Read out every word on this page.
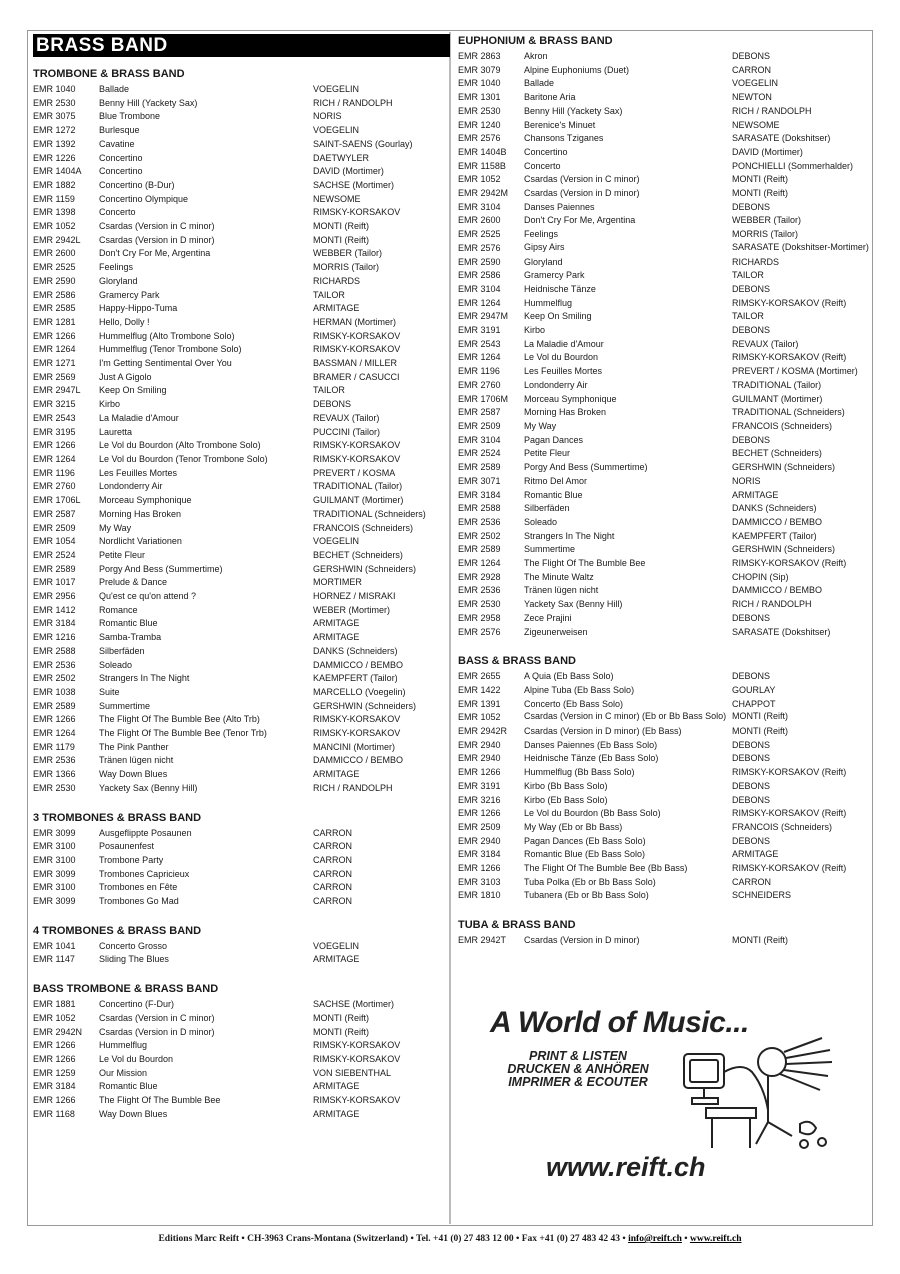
BRASS BAND
TROMBONE & BRASS BAND
EMR 1040	Ballade	VOEGELIN
EMR 2530	Benny Hill (Yackety Sax)	RICH / RANDOLPH
EMR 3075	Blue Trombone	NORIS
EMR 1272	Burlesque	VOEGELIN
EMR 1392	Cavatine	SAINT-SAENS (Gourlay)
EMR 1226	Concertino	DAETWYLER
EMR 1404A	Concertino	DAVID (Mortimer)
EMR 1882	Concertino (B-Dur)	SACHSE (Mortimer)
EMR 1159	Concertino Olympique	NEWSOME
EMR 1398	Concerto	RIMSKY-KORSAKOV
EMR 1052	Csardas (Version in C minor)	MONTI (Reift)
EMR 2942L	Csardas (Version in D minor)	MONTI (Reift)
EMR 2600	Don't Cry For Me, Argentina	WEBBER (Tailor)
EMR 2525	Feelings	MORRIS (Tailor)
EMR 2590	Gloryland	RICHARDS
EMR 2586	Gramercy Park	TAILOR
EMR 2585	Happy-Hippo-Tuma	ARMITAGE
EMR 1281	Hello, Dolly !	HERMAN (Mortimer)
EMR 1266	Hummelflug (Alto Trombone Solo)	RIMSKY-KORSAKOV
EMR 1264	Hummelflug (Tenor Trombone Solo)	RIMSKY-KORSAKOV
EMR 1271	I'm Getting Sentimental Over You	BASSMAN / MILLER
EMR 2569	Just A Gigolo	BRAMER / CASUCCI
EMR 2947L	Keep On Smiling	TAILOR
EMR 3215	Kirbo	DEBONS
EMR 2543	La Maladie d'Amour	REVAUX (Tailor)
EMR 3195	Lauretta	PUCCINI (Tailor)
EMR 1266	Le Vol du Bourdon (Alto Trombone Solo)	RIMSKY-KORSAKOV
EMR 1264	Le Vol du Bourdon (Tenor Trombone Solo)	RIMSKY-KORSAKOV
EMR 1196	Les Feuilles Mortes	PREVERT / KOSMA
EMR 2760	Londonderry Air	TRADITIONAL (Tailor)
EMR 1706L	Morceau Symphonique	GUILMANT (Mortimer)
EMR 2587	Morning Has Broken	TRADITIONAL (Schneiders)
EMR 2509	My Way	FRANCOIS (Schneiders)
EMR 1054	Nordlicht Variationen	VOEGELIN
EMR 2524	Petite Fleur	BECHET (Schneiders)
EMR 2589	Porgy And Bess (Summertime)	GERSHWIN (Schneiders)
EMR 1017	Prelude & Dance	MORTIMER
EMR 2956	Qu'est ce qu'on attend ?	HORNEZ / MISRAKI
EMR 1412	Romance	WEBER (Mortimer)
EMR 3184	Romantic Blue	ARMITAGE
EMR 1216	Samba-Tramba	ARMITAGE
EMR 2588	Silberfäden	DANKS (Schneiders)
EMR 2536	Soleado	DAMMICCO / BEMBO
EMR 2502	Strangers In The Night	KAEMPFERT (Tailor)
EMR 1038	Suite	MARCELLO (Voegelin)
EMR 2589	Summertime	GERSHWIN (Schneiders)
EMR 1266	The Flight Of The Bumble Bee (Alto Trb)	RIMSKY-KORSAKOV
EMR 1264	The Flight Of The Bumble Bee (Tenor Trb)	RIMSKY-KORSAKOV
EMR 1179	The Pink Panther	MANCINI (Mortimer)
EMR 2536	Tränen lügen nicht	DAMMICCO / BEMBO
EMR 1366	Way Down Blues	ARMITAGE
EMR 2530	Yackety Sax (Benny Hill)	RICH / RANDOLPH
3 TROMBONES & BRASS BAND
EMR 3099	Ausgeflippte Posaunen	CARRON
EMR 3100	Posaunenfest	CARRON
EMR 3100	Trombone Party	CARRON
EMR 3099	Trombones Capricieux	CARRON
EMR 3100	Trombones en Fête	CARRON
EMR 3099	Trombones Go Mad	CARRON
4 TROMBONES & BRASS BAND
EMR 1041	Concerto Grosso	VOEGELIN
EMR 1147	Sliding The Blues	ARMITAGE
BASS TROMBONE & BRASS BAND
EMR 1881	Concertino (F-Dur)	SACHSE (Mortimer)
EMR 1052	Csardas (Version in C minor)	MONTI (Reift)
EMR 2942N	Csardas (Version in D minor)	MONTI (Reift)
EMR 1266	Hummelflug	RIMSKY-KORSAKOV
EMR 1266	Le Vol du Bourdon	RIMSKY-KORSAKOV
EMR 1259	Our Mission	VON SIEBENTHAL
EMR 3184	Romantic Blue	ARMITAGE
EMR 1266	The Flight Of The Bumble Bee	RIMSKY-KORSAKOV
EMR 1168	Way Down Blues	ARMITAGE
EUPHONIUM & BRASS BAND
EMR 2863	Akron	DEBONS
EMR 3079	Alpine Euphoniums (Duet)	CARRON
EMR 1040	Ballade	VOEGELIN
EMR 1301	Baritone Aria	NEWTON
EMR 2530	Benny Hill (Yackety Sax)	RICH / RANDOLPH
EMR 1240	Berenice's Minuet	NEWSOME
EMR 2576	Chansons Tziganes	SARASATE (Dokshitser)
EMR 1404B	Concertino	DAVID (Mortimer)
EMR 1158B	Concerto	PONCHIELLI (Sommerhalder)
EMR 1052	Csardas (Version in C minor)	MONTI (Reift)
EMR 2942M	Csardas (Version in D minor)	MONTI (Reift)
EMR 3104	Danses Paiennes	DEBONS
EMR 2600	Don't Cry For Me, Argentina	WEBBER (Tailor)
EMR 2525	Feelings	MORRIS (Tailor)
EMR 2576	Gipsy Airs	SARASATE (Dokshitser-Mortimer)
EMR 2590	Gloryland	RICHARDS
EMR 2586	Gramercy Park	TAILOR
EMR 3104	Heidnische Tänze	DEBONS
EMR 1264	Hummelflug	RIMSKY-KORSAKOV (Reift)
EMR 2947M	Keep On Smiling	TAILOR
EMR 3191	Kirbo	DEBONS
EMR 2543	La Maladie d'Amour	REVAUX (Tailor)
EMR 1264	Le Vol du Bourdon	RIMSKY-KORSAKOV (Reift)
EMR 1196	Les Feuilles Mortes	PREVERT / KOSMA (Mortimer)
EMR 2760	Londonderry Air	TRADITIONAL (Tailor)
EMR 1706M	Morceau Symphonique	GUILMANT (Mortimer)
EMR 2587	Morning Has Broken	TRADITIONAL (Schneiders)
EMR 2509	My Way	FRANCOIS (Schneiders)
EMR 3104	Pagan Dances	DEBONS
EMR 2524	Petite Fleur	BECHET (Schneiders)
EMR 2589	Porgy And Bess (Summertime)	GERSHWIN (Schneiders)
EMR 3071	Ritmo Del Amor	NORIS
EMR 3184	Romantic Blue	ARMITAGE
EMR 2588	Silberfäden	DANKS (Schneiders)
EMR 2536	Soleado	DAMMICCO / BEMBO
EMR 2502	Strangers In The Night	KAEMPFERT (Tailor)
EMR 2589	Summertime	GERSHWIN (Schneiders)
EMR 1264	The Flight Of The Bumble Bee	RIMSKY-KORSAKOV (Reift)
EMR 2928	The Minute Waltz	CHOPIN (Sip)
EMR 2536	Tränen lügen nicht	DAMMICCO / BEMBO
EMR 2530	Yackety Sax (Benny Hill)	RICH / RANDOLPH
EMR 2958	Zece Prajini	DEBONS
EMR 2576	Zigeunerweisen	SARASATE (Dokshitser)
BASS & BRASS BAND
EMR 2655	A Quia (Eb Bass Solo)	DEBONS
EMR 1422	Alpine Tuba (Eb Bass Solo)	GOURLAY
EMR 1391	Concerto (Eb Bass Solo)	CHAPPOT
EMR 1052	Csardas (Version in C minor) (Eb or Bb Bass Solo) MONTI (Reift)
EMR 2942R	Csardas (Version in D minor) (Eb Bass)	MONTI (Reift)
EMR 2940	Danses Paiennes (Eb Bass Solo)	DEBONS
EMR 2940	Heidnische Tänze (Eb Bass Solo)	DEBONS
EMR 1266	Hummelflug (Bb Bass Solo)	RIMSKY-KORSAKOV (Reift)
EMR 3191	Kirbo (Bb Bass Solo)	DEBONS
EMR 3216	Kirbo (Eb Bass Solo)	DEBONS
EMR 1266	Le Vol du Bourdon (Bb Bass Solo)	RIMSKY-KORSAKOV (Reift)
EMR 2509	My Way (Eb or Bb Bass)	FRANCOIS (Schneiders)
EMR 2940	Pagan Dances (Eb Bass Solo)	DEBONS
EMR 3184	Romantic Blue (Eb Bass Solo)	ARMITAGE
EMR 1266	The Flight Of The Bumble Bee (Bb Bass)	RIMSKY-KORSAKOV (Reift)
EMR 3103	Tuba Polka (Eb or Bb Bass Solo)	CARRON
EMR 1810	Tubanera (Eb or Bb Bass Solo)	SCHNEIDERS
TUBA & BRASS BAND
EMR 2942T	Csardas (Version in D minor)	MONTI (Reift)
A World of Music...
PRINT & LISTEN
DRUCKEN & ANHÖREN
IMPRIMER & ECOUTER
www.reift.ch
Editions Marc Reift • CH-3963 Crans-Montana (Switzerland) • Tel. +41 (0) 27 483 12 00 • Fax +41 (0) 27 483 42 43 • info@reift.ch • www.reift.ch
